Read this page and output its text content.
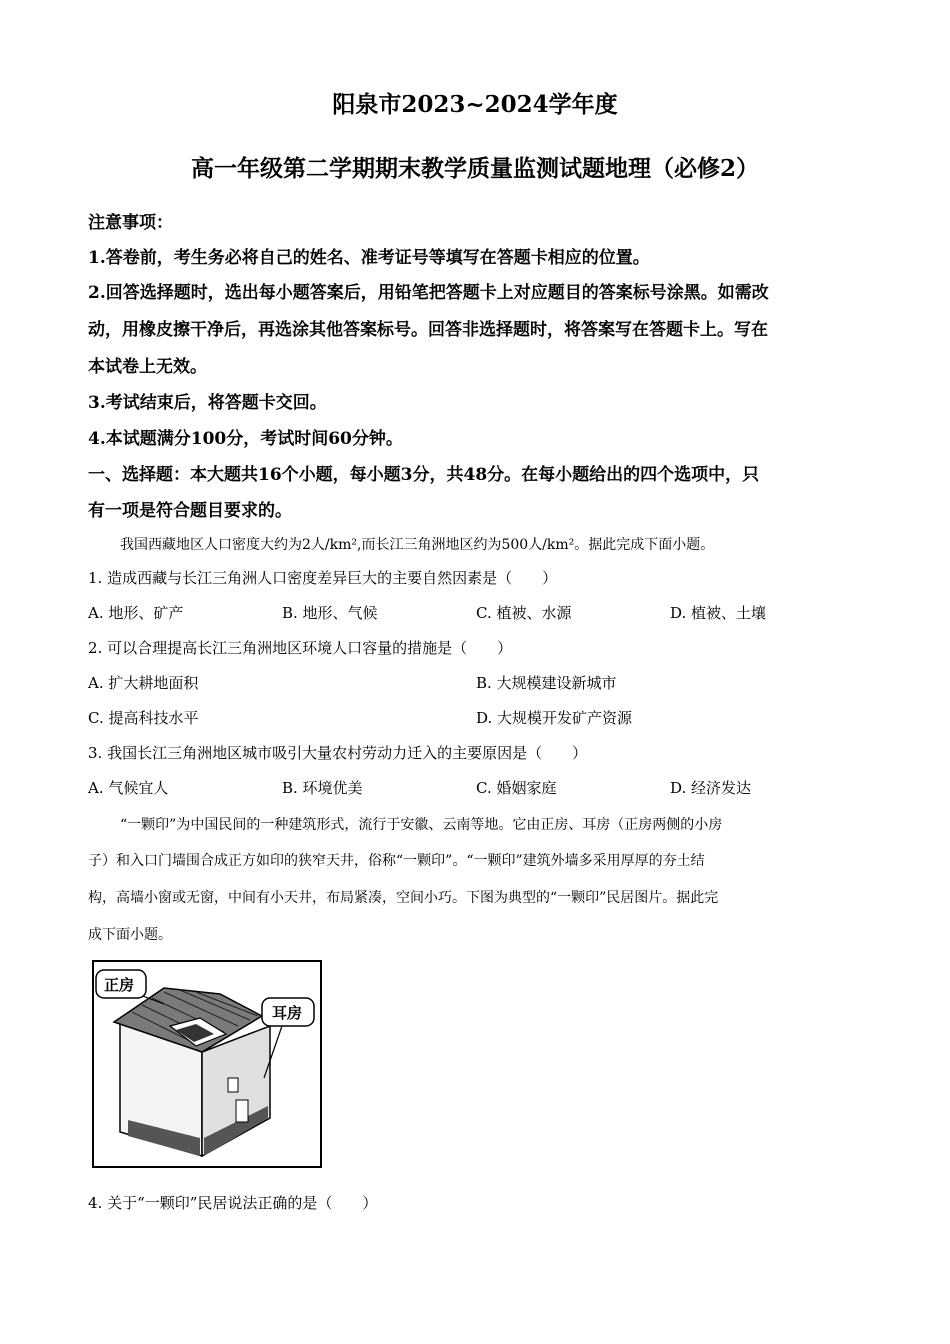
阳泉市2023~2024学年度
高一年级第二学期期末教学质量监测试题地理（必修2）
注意事项：
1.答卷前，考生务必将自己的姓名、准考证号等填写在答题卡相应的位置。
2.回答选择题时，选出每小题答案后，用铅笔把答题卡上对应题目的答案标号涂黑。如需改
动，用橡皮擦干净后，再选涂其他答案标号。回答非选择题时，将答案写在答题卡上。写在
本试卷上无效。
3.考试结束后，将答题卡交回。
4.本试题满分100分，考试时间60分钟。
一、选择题：本大题共16个小题，每小题3分，共48分。在每小题给出的四个选项中，只
有一项是符合题目要求的。
我国西藏地区人口密度大约为2人/km²,而长江三角洲地区约为500人/km²。据此完成下面小题。
1. 造成西藏与长江三角洲人口密度差异巨大的主要自然因素是（　　）
A. 地形、矿产	B. 地形、气候	C. 植被、水源	D. 植被、土壤
2. 可以合理提高长江三角洲地区环境人口容量的措施是（　　）
A. 扩大耕地面积	B. 大规模建设新城市
C. 提高科技水平	D. 大规模开发矿产资源
3. 我国长江三角洲地区城市吸引大量农村劳动力迁入的主要原因是（　　）
A. 气候宜人	B. 环境优美	C. 婚姻家庭	D. 经济发达
“一颗印”为中国民间的一种建筑形式，流行于安徽、云南等地。它由正房、耳房（正房两侧的小房
子）和入口门墙围合成正方如印的狭窄天井，俗称“一颗印”。“一颗印”建筑外墙多采用厚厚的夯土结
构，高墙小窗或无窗，中间有小天井，布局紧凑，空间小巧。下图为典型的“一颗印”民居图片。据此完
成下面小题。
正房
耳房
4. 关于“一颗印”民居说法正确的是（　　）
